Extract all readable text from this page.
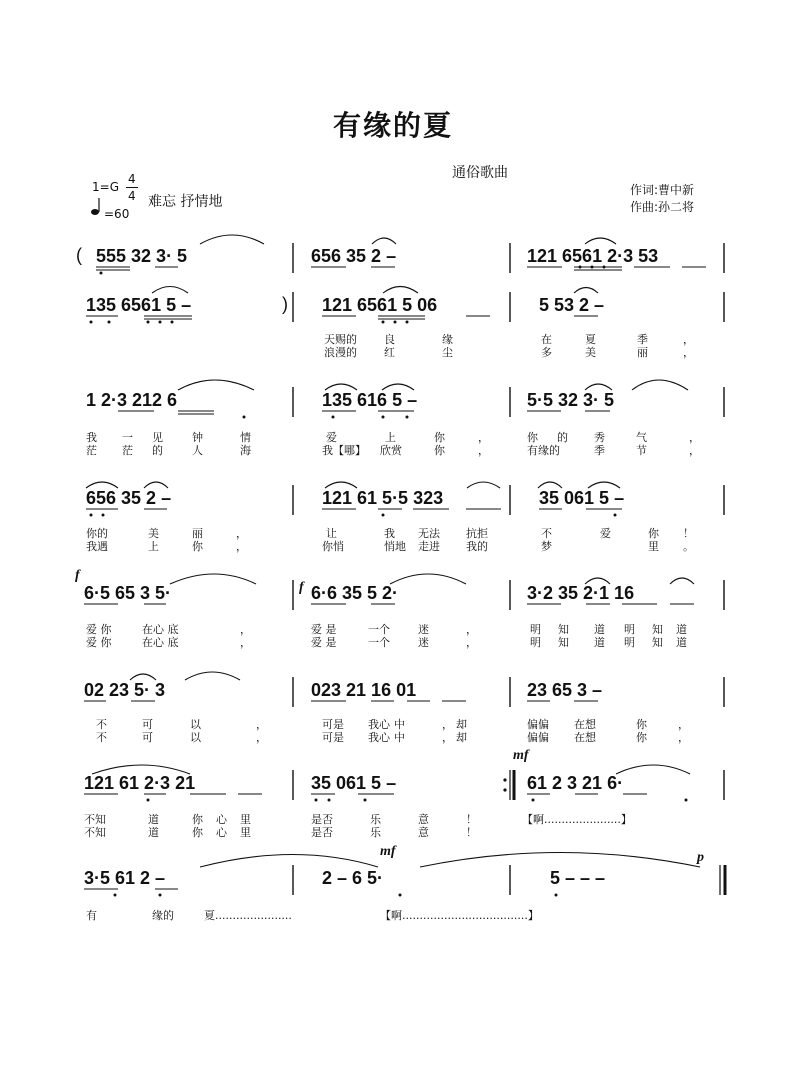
有缘的夏
通俗歌曲
1=G
4
4
=60
难忘 抒情地
作词:曹中新
作曲:孙二将
f
f
mf
mf	p
(
)
555 32 3· 5	656 35 2 –	121 6561 2·3 53
135 6561 5 –	121 6561 5 06	5 53 2 –
天赐的 良	缘	在	夏	季	，
浪漫的 红	尘	多	美	丽	，
1 2·3 212 6	135 616 5 –	5·5 32 3· 5
我 一 见	钟	情	爱	上	你	，	你 的 秀	气	，
茫 茫 的	人	海	我【哪】 欣赏	你	，	有缘的	季	节	，
656 35 2 –	121 61 5·5 323	35 061 5 –
你的	美	丽	，	让	我 无法 抗拒	不	爱	你 ！
我遇	上	你	，	你悄	悄地 走进 我的	梦	里 。
6·5 65 3 5·	6·6 35 5 2·	3·2 35 2·1 16
爱 你	在心 底	，	爱 是	一个	迷	，	明 知 道 明 知 道
爱 你	在心 底	，	爱 是	一个	迷	，	明 知 道 明 知 道
02 23 5· 3	023 21 16 01	23 65 3 –
不	可	以	，	可是 我心 中	， 却	偏偏 在想	你	，
不	可	以	，	可是 我心 中	， 却	偏偏 在想	你	，
121 61 2·3 21	35 061 5 –	61 2 3 21 6·
不知	道	你 心 里	是否	乐	意	！	【啊......................】
不知	道	你 心 里	是否	乐	意	！
3·5 61 2 –	2 – 6 5·	5 – – –
有	缘的	夏......................	【啊....................................】
